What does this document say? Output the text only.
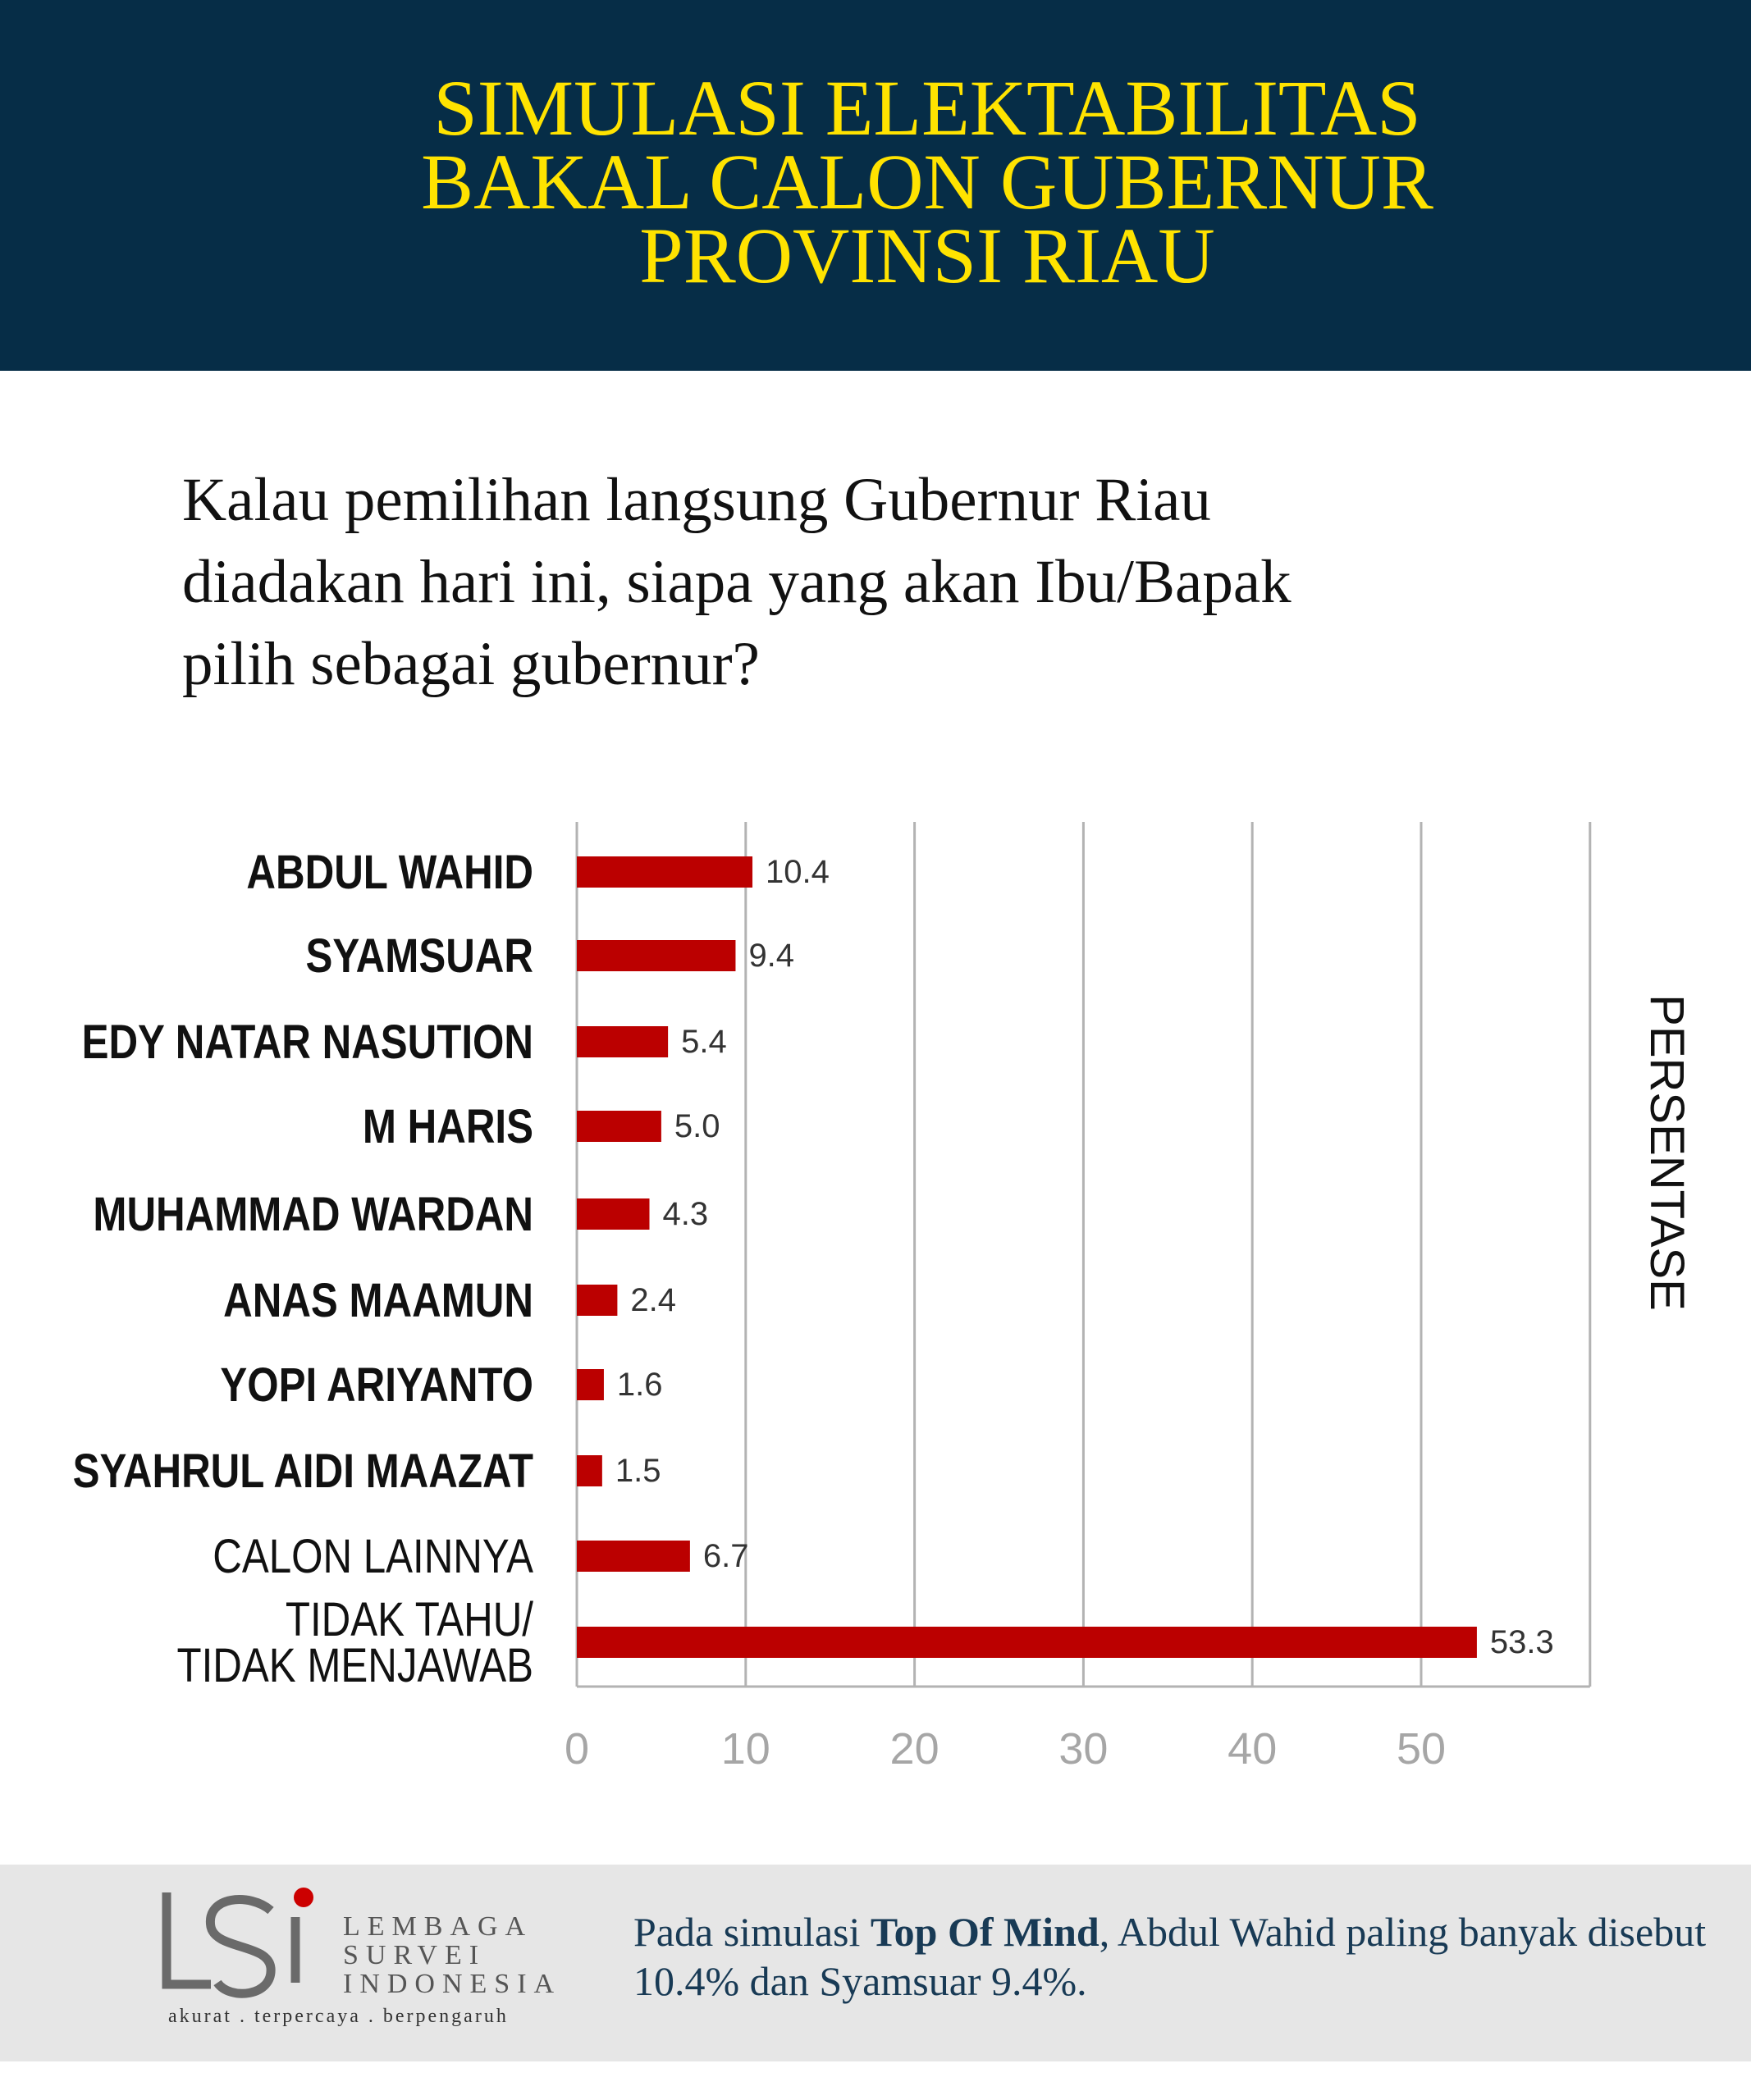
SIMULASI ELEKTABILITAS
BAKAL CALON GUBERNUR
PROVINSI RIAU
Kalau pemilihan langsung Gubernur Riau
diadakan hari ini, siapa yang akan Ibu/Bapak
pilih sebagai gubernur?
0	10	20	30	40	50
10.4
ABDUL WAHID
9.4
SYAMSUAR
5.4
EDY NATAR NASUTION
5.0
M HARIS
4.3
MUHAMMAD WARDAN
2.4
ANAS MAAMUN
1.6
YOPI ARIYANTO
1.5
SYAHRUL AIDI MAAZAT
6.7
CALON LAINNYA
53.3
TIDAK TAHU/
TIDAK MENJAWAB
PERSENTASE
LEMBAGA
SURVEI
INDONESIA
akurat . terpercaya . berpengaruh
Pada simulasi Top Of Mind, Abdul Wahid paling banyak disebut 10.4% dan Syamsuar 9.4%.
